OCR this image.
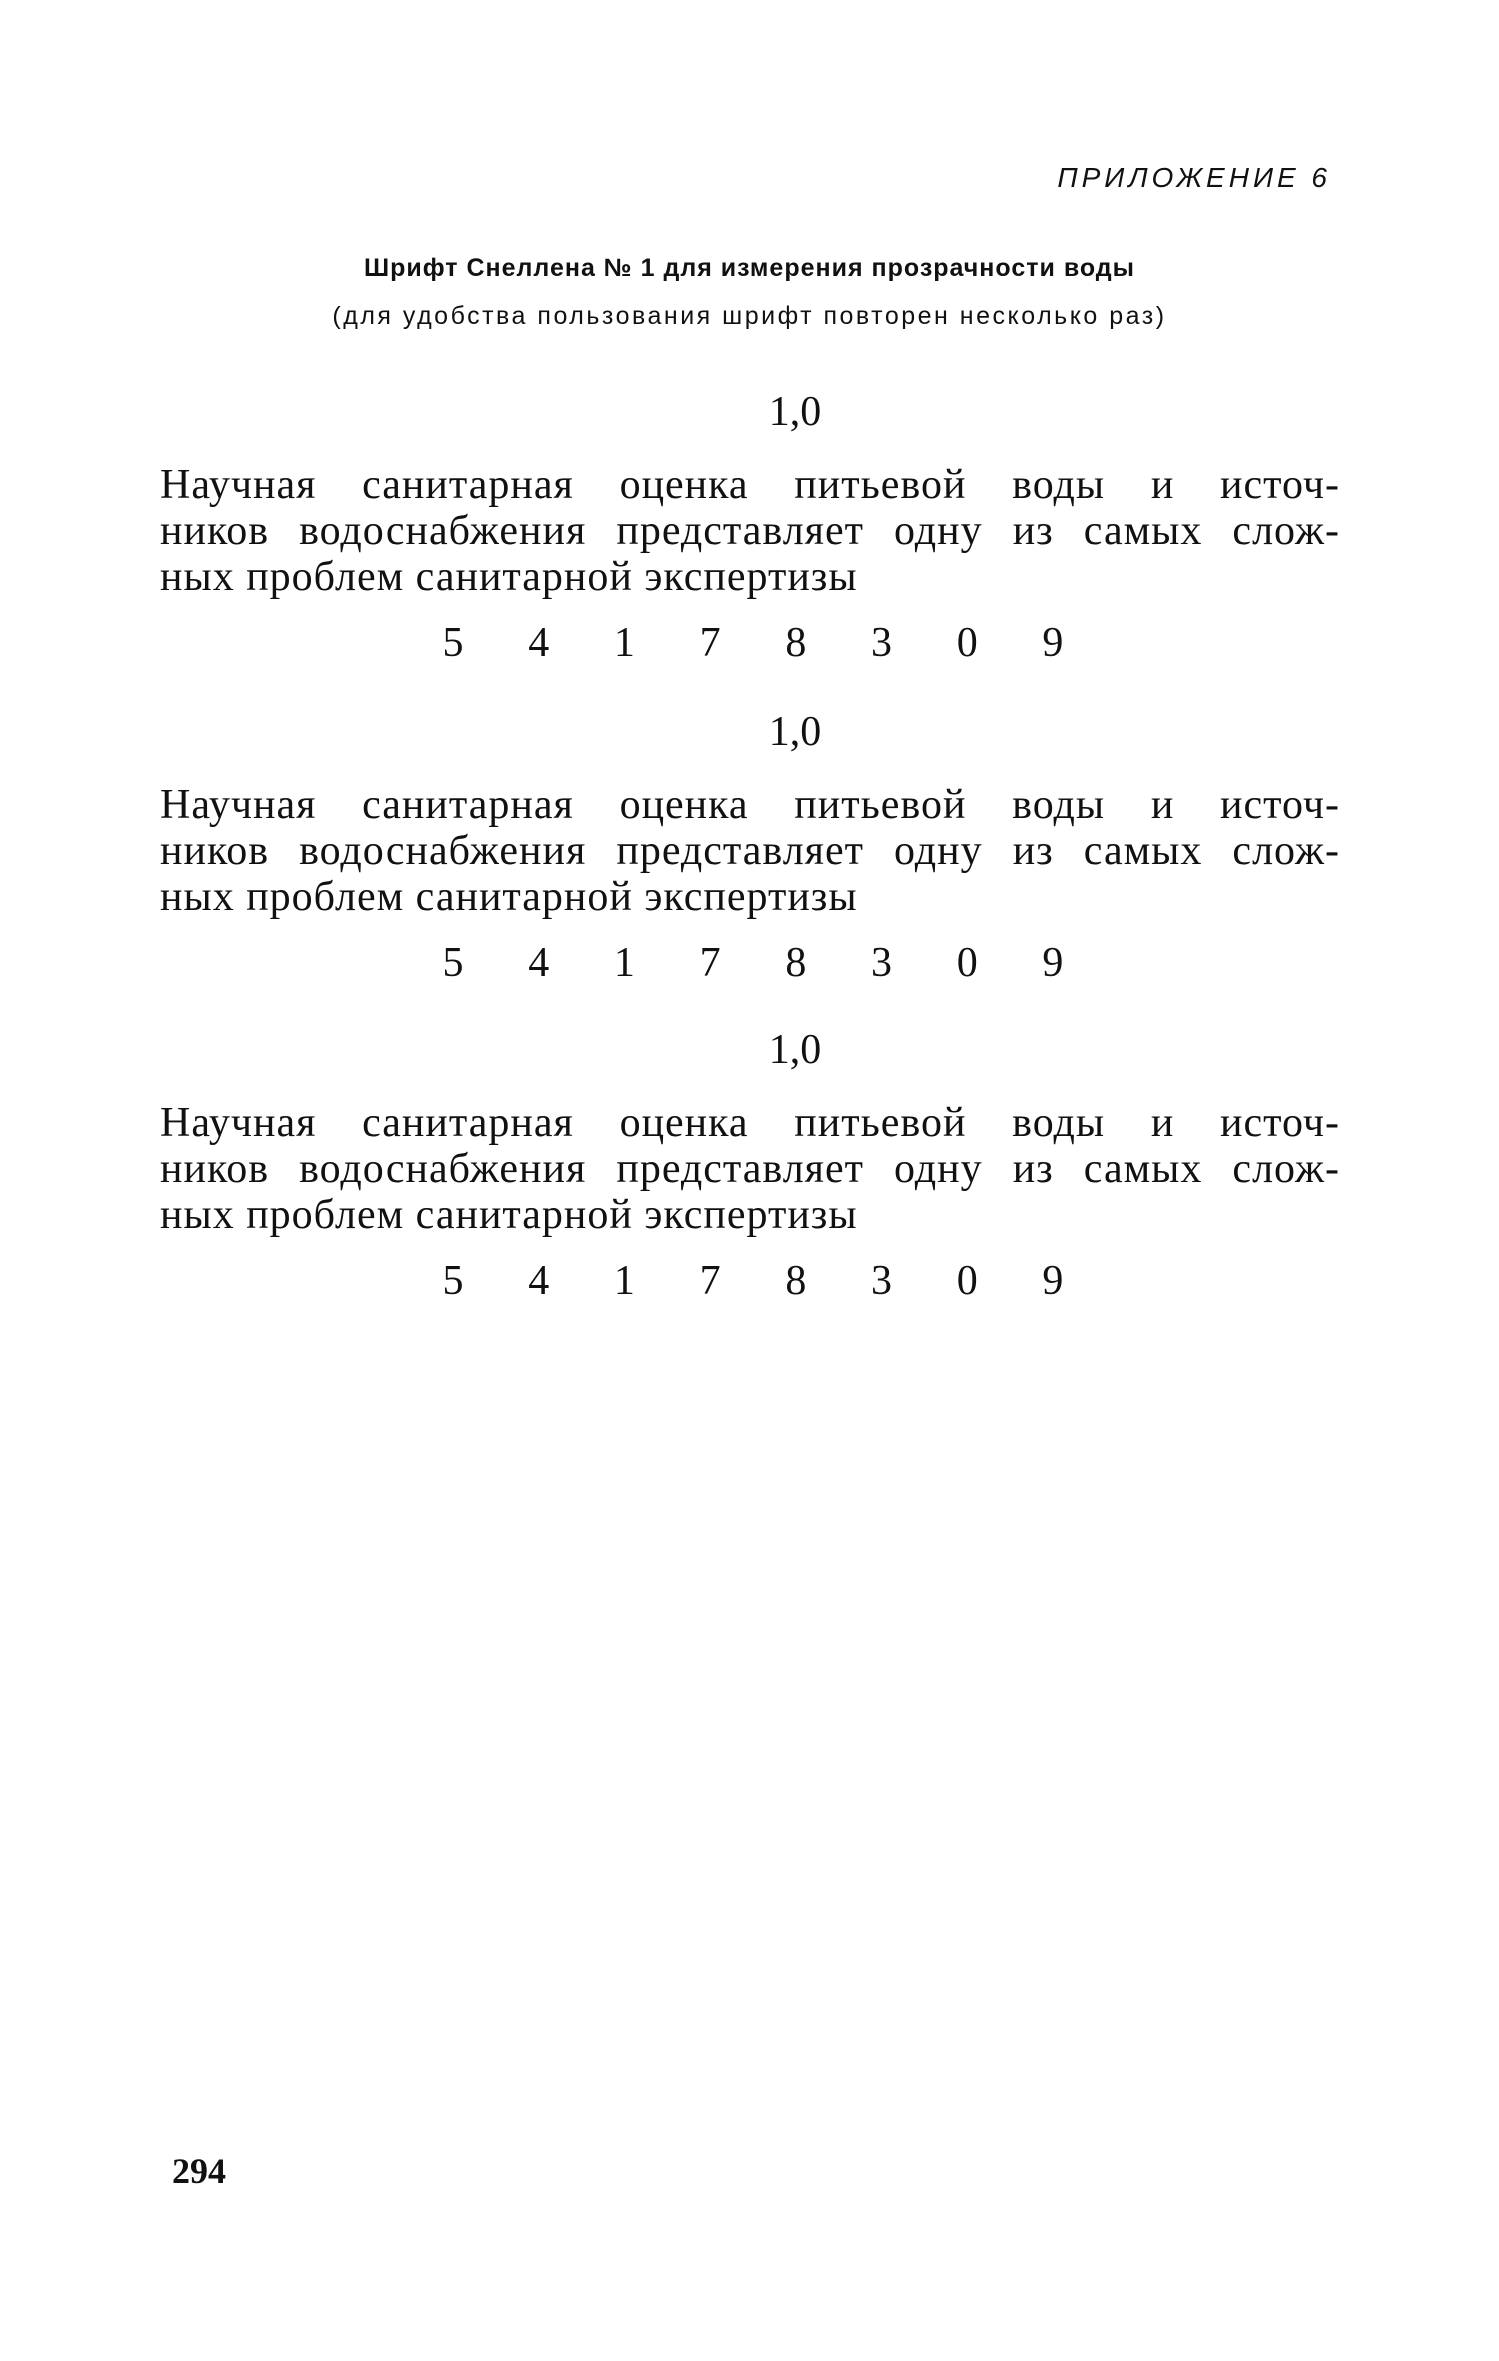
ПРИЛОЖЕНИЕ 6

Шрифт Снеллена № 1 для измерения прозрачности воды

(для удобства пользования шрифт повторен несколько раз)

1,0

Научная санитарная оценка питьевой воды и источ-
ников водоснабжения представляет одну из самых слож-
ных проблем санитарной экспертизы

5 4 1 7 8 3 0 9

1,0

Научная санитарная оценка питьевой воды и источ-
ников водоснабжения представляет одну из самых слож-
ных проблем санитарной экспертизы

5 4 1 7 8 3 0 9

1,0

Научная санитарная оценка питьевой воды и источ-
ников водоснабжения представляет одну из самых слож-
ных проблем санитарной экспертизы

5 4 1 7 8 3 0 9

294
